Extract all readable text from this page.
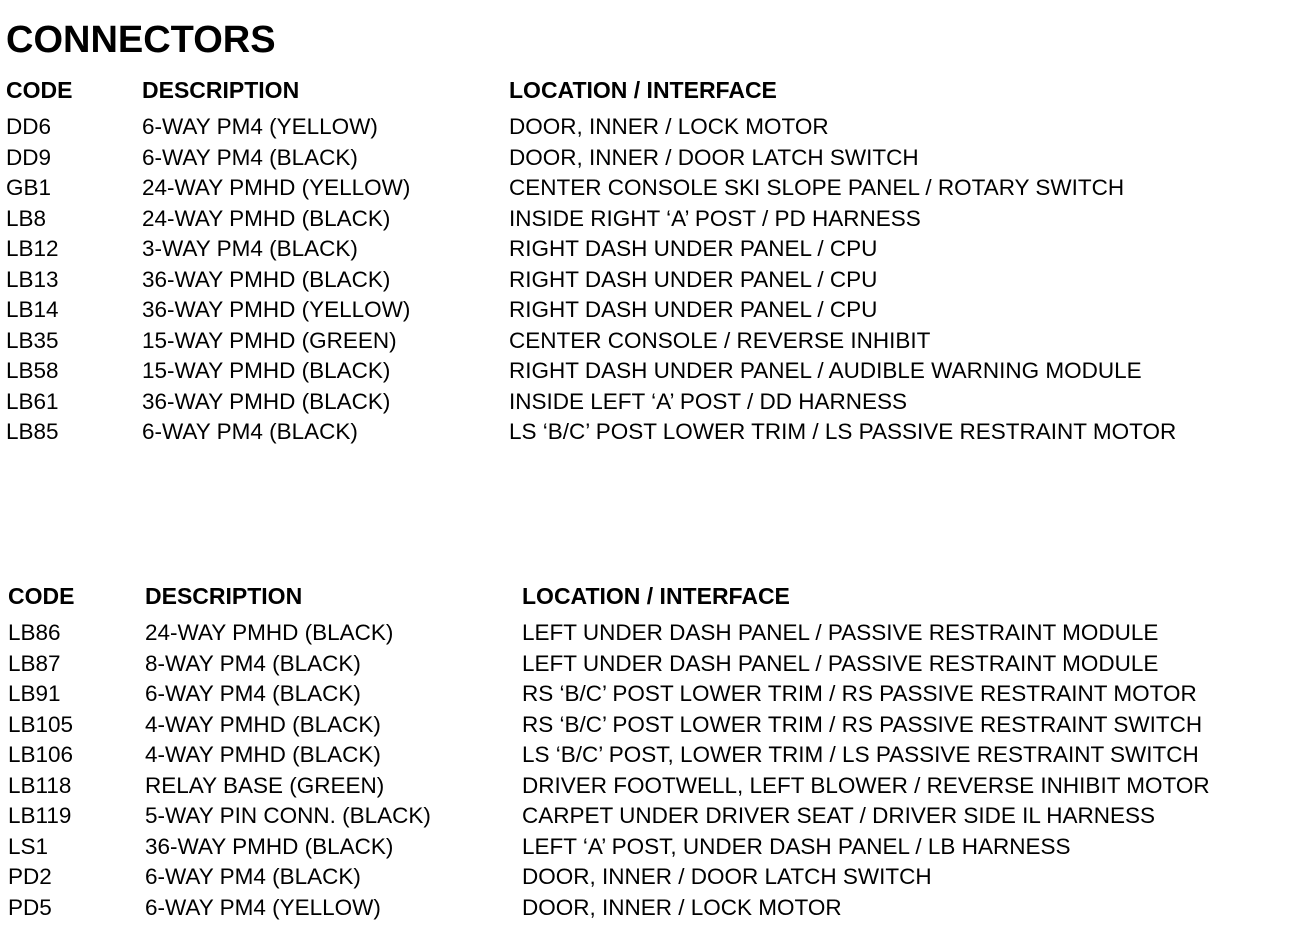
CONNECTORS
CODE	DESCRIPTION	LOCATION / INTERFACE
DD6	6-WAY PM4 (YELLOW)	DOOR, INNER / LOCK MOTOR
DD9	6-WAY PM4 (BLACK)	DOOR, INNER / DOOR LATCH SWITCH
GB1	24-WAY PMHD (YELLOW)	CENTER CONSOLE SKI SLOPE PANEL / ROTARY SWITCH
LB8	24-WAY PMHD (BLACK)	INSIDE RIGHT ‘A’ POST / PD HARNESS
LB12	3-WAY PM4 (BLACK)	RIGHT DASH UNDER PANEL / CPU
LB13	36-WAY PMHD (BLACK)	RIGHT DASH UNDER PANEL / CPU
LB14	36-WAY PMHD (YELLOW)	RIGHT DASH UNDER PANEL / CPU
LB35	15-WAY PMHD (GREEN)	CENTER CONSOLE / REVERSE INHIBIT
LB58	15-WAY PMHD (BLACK)	RIGHT DASH UNDER PANEL / AUDIBLE WARNING MODULE
LB61	36-WAY PMHD (BLACK)	INSIDE LEFT ‘A’ POST / DD HARNESS
LB85	6-WAY PM4 (BLACK)	LS ‘B/C’ POST LOWER TRIM / LS PASSIVE RESTRAINT MOTOR
CODE	DESCRIPTION	LOCATION / INTERFACE
LB86	24-WAY PMHD (BLACK)	LEFT UNDER DASH PANEL / PASSIVE RESTRAINT MODULE
LB87	8-WAY PM4 (BLACK)	LEFT UNDER DASH PANEL / PASSIVE RESTRAINT MODULE
LB91	6-WAY PM4 (BLACK)	RS ‘B/C’ POST LOWER TRIM / RS PASSIVE RESTRAINT MOTOR
LB105	4-WAY PMHD (BLACK)	RS ‘B/C’ POST LOWER TRIM / RS PASSIVE RESTRAINT SWITCH
LB106	4-WAY PMHD (BLACK)	LS ‘B/C’ POST, LOWER TRIM / LS PASSIVE RESTRAINT SWITCH
LB118	RELAY BASE (GREEN)	DRIVER FOOTWELL, LEFT BLOWER / REVERSE INHIBIT MOTOR
LB119	5-WAY PIN CONN. (BLACK)	CARPET UNDER DRIVER SEAT / DRIVER SIDE IL HARNESS
LS1	36-WAY PMHD (BLACK)	LEFT ‘A’ POST, UNDER DASH PANEL / LB HARNESS
PD2	6-WAY PM4 (BLACK)	DOOR, INNER / DOOR LATCH SWITCH
PD5	6-WAY PM4 (YELLOW)	DOOR, INNER / LOCK MOTOR
